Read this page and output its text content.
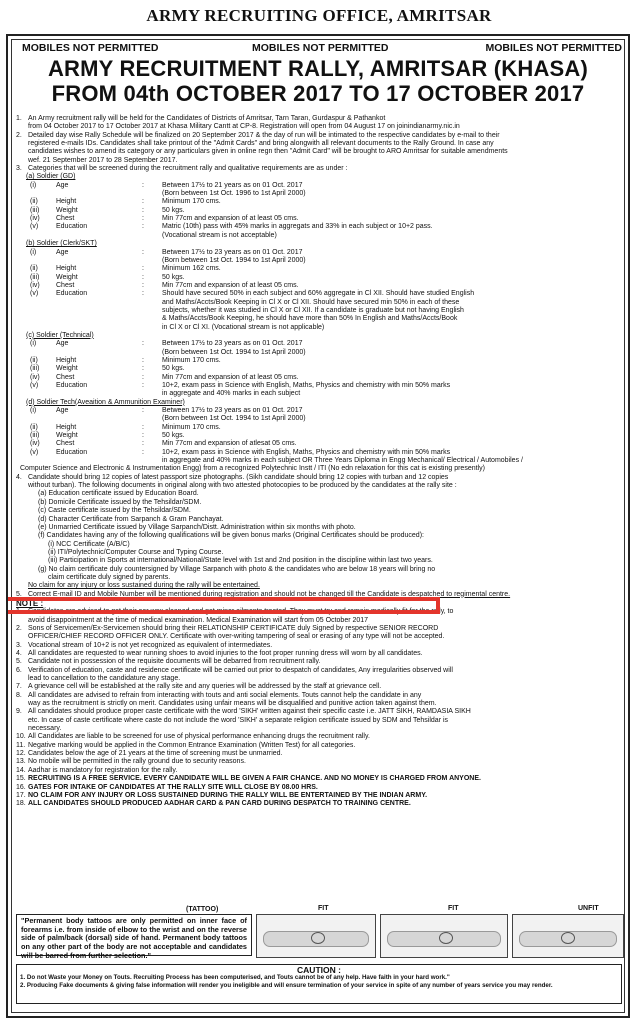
ARMY RECRUITING OFFICE, AMRITSAR
MOBILES NOT PERMITTED	MOBILES NOT PERMITTED	MOBILES NOT PERMITTED
ARMY RECRUITMENT RALLY, AMRITSAR (KHASA)
FROM 04th OCTOBER 2017 TO 17 OCTOBER 2017
1. An Army recruitment rally will be held for the Candidates of Districts of Amritsar, Tarn Taran, Gurdaspur & Pathankot
from 04 October 2017 to 17 October 2017 at Khasa Military Cantt at CP-8. Registration will open from 04 August 17 on joinindianarmy.nic.in
2. Detailed day wise Rally Schedule will be finalized on 20 September 2017 & the day of run will be intimated to the respective candidates by e-mail to their
registered e-mails IDs. Candidates shall take printout of the "Admit Cards" and bring alongwith all relevant documents to the Rally Ground. In case any
candidates wishes to amend its category or any particulars given in online regn then "Admit Card" will be brought to ARO Amritsar for suitable amendments
wef. 21 September 2017 to 28 September 2017.
3. Categories that will be screened during the recruitment rally and qualitative requirements are as under :
(a) Soldier (GD)
(i)	Age	:	Between 17½ to 21 years as on 01 Oct. 2017
(Born between 1st Oct. 1996 to 1st April 2000)
(ii)	Height	:	Minimum 170 cms.
(iii) Weight	:	50 kgs.
(iv) Chest	:	Min 77cm and expansion of at least 05 cms.
(v)	Education	:	Matric (10th) pass with 45% marks in aggregats and 33% in each subject or 10+2 pass.
(Vocational stream is not acceptable)
(b) Soldier (Clerk/SKT)
(i)	Age	:	Between 17½ to 23 years as on 01 Oct. 2017
(Born between 1st Oct. 1994 to 1st April 2000)
(ii)	Height	:	Minimum 162 cms.
(iii) Weight	:	50 kgs.
(iv) Chest	:	Min 77cm and expansion of at least 05 cms.
(v)	Education	:	Should have secured 50% in each subject and 60% aggregate in Cl XII. Should have studied English
and Maths/Accts/Book Keeping in Cl X or Cl XII. Should have secured min 50% in each of these
subjects, whether it was studied in Cl X or Cl XII. If a candidate is graduate but not having English
& Maths/Accts/Book Keeping, he should have more than 50% In English and Maths/Accts/Book
in Cl X or Cl XI. (Vocational stream is not applicable)
(c) Soldier (Technical)
(i)	Age	:	Between 17½ to 23 years as on 01 Oct. 2017
(Born between 1st Oct. 1994 to 1st April 2000)
(ii)	Height	:	Minimum 170 cms.
(iii) Weight	:	50 kgs.
(iv) Chest	:	Min 77cm and expansion of at least 05 cms.
(v)	Education	:	10+2, exam pass in Science with English, Maths, Physics and chemistry with min 50% marks
in aggregate and 40% marks in each subject
(d) Soldier Tech(Aveaition & Ammunition Examiner)
(i)	Age	:	Between 17½ to 23 years as on 01 Oct. 2017
(Born between 1st Oct. 1994 to 1st April 2000)
(ii)	Height	:	Minimum 170 cms.
(iii) Weight	:	50 kgs.
(iv) Chest	:	Min 77cm and expansion of atlesat 05 cms.
(v)	Education	:	10+2, exam pass in Science with English, Maths, Physics and chemistry with min 50% marks
in aggregate and 40% marks in each subject OR Three Years Diploma in Engg Mechanical/ Electrical / Automobiles /
Computer Science and Electronic & Instrumentation Engg) from a recognized Polytechnic Instt / ITI (No edn relaxation for this cat is existing presently)
4. Candidate should bring 12 copies of latest passport size photographs. (Sikh candidate should bring 12 copies with turban and 12 copies
without turban). The following documents in original along with two attested photocopies to be produced by the candidates at the rally site :
(a) Education certificate issued by Education Board.
(b) Domicile Certificate issued by the Tehsildar/SDM.
(c) Caste certificate issued by the Tehsildar/SDM.
(d) Character Certificate from Sarpanch & Gram Panchayat.
(e) Unmarried Certificate issued by Village Sarpanch/Distt. Administration within six months with photo.
(f) Candidates having any of the following qualifications will be given bonus marks (Original Certificates should be produced):
(i) NCC Certificate (A/B/C)
(ii) ITI/Polytechnic/Computer Course and Typing Course.
(iii) Participation in Sports at international/National/State level with 1st and 2nd position in the discipline within last two years.
(g) No claim certificate duly countersigned by Village Sarpanch with photo & the candidates who are below 18 years will bring no
claim certificate duly signed by parents.
No claim for any injury or loss sustained during the rally will be entertained.
5. Correct E-mail ID and Mobile Number will be mentioned during registration and should not be changed till the Candidate is despatched to regimental centre.
NOTE :
1. Candidates are advised to get their ear wax cleaned and get minor ailments treated. They must try and remain medically fit for the rally, to
avoid disappointment at the time of medical examination. Medical Examination will start from 05 October 2017
2. Sons of Servicemen/Ex-Servicemen should bring their RELATIONSHIP CERTIFICATE duly Signed by respective SENIOR RECORD
OFFICER/CHIEF RECORD OFFICER ONLY. Certificate with over-writing tampering of seal or erasing of any type will not be accepted.
3. Vocational stream of 10+2 is not yet recognized as equivalent of intermediates.
4. All candidates are requested to wear running shoes to avoid injuries to the foot proper running dress will worn by all candidates.
5. Candidate not in possession of the requisite documents will be debarred from recruitment rally.
6. Verification of education, caste and residence certificate will be carried out prior to despatch of candidates, Any irregularities observed will
lead to cancellation to the candidature any stage.
7. A grievance cell will be established at the rally site and any queries will be addressed by the staff at grievance cell.
8. All candidates are advised to refrain from interacting with touts and anti social elements. Touts cannot help the candidate in any
way as the recruitment is strictly on merit. Candidates using unfair means will be disqualified and punitive action taken against them.
9. All candidates should produce proper caste certificate with the word 'SIKH' written against their specific caste i.e. JATT SIKH, RAMDASIA SIKH
etc. In case of caste certificate where caste do not include the word 'SIKH' a separate religion certificate issued by SDM and Tehsildar is
necessary.
10. All Candidates are liable to be screened for use of physical performance enhancing drugs the recruitment rally.
11. Negative marking would be applied in the Common Entrance Examination (Written Test) for all categories.
12. Candidates below the age of 21 years at the time of screening must be unmarried.
13. No mobile will be permitted in the rally ground due to security reasons.
14. Aadhar is mandatory for registration for the rally.
15. RECRUITING IS A FREE SERVICE. EVERY CANDIDATE WILL BE GIVEN A FAIR CHANCE. AND NO MONEY IS CHARGED FROM ANYONE.
16. GATES FOR INTAKE OF CANDIDATES AT THE RALLY SITE WILL CLOSE BY 08.00 HRS.
17. NO CLAIM FOR ANY INJURY OR LOSS SUSTAINED DURING THE RALLY WILL BE ENTERTAINED BY THE INDIAN ARMY.
18. ALL CANDIDATES SHOULD PRODUCED AADHAR CARD & PAN CARD DURING DESPATCH TO TRAINING CENTRE.
(TATTOO)
"Permanent body tattoos are only permitted on inner face of forearms i.e. from inside of elbow to the wrist and on the reverse side of palm/back (dorsal) side of hand. Permanent body tattoos on any other part of the body are not acceptable and candidates will be barred from further selection."
FIT	FIT	UNFIT
CAUTION :
1. Do not Waste your Money on Touts. Recruiting Process has been computerised, and Touts cannot be of any help. Have faith in your hard work."
2. Producing Fake documents & giving false information will render you ineligible and will ensure termination of your service in spite of any number of years service you may render.
